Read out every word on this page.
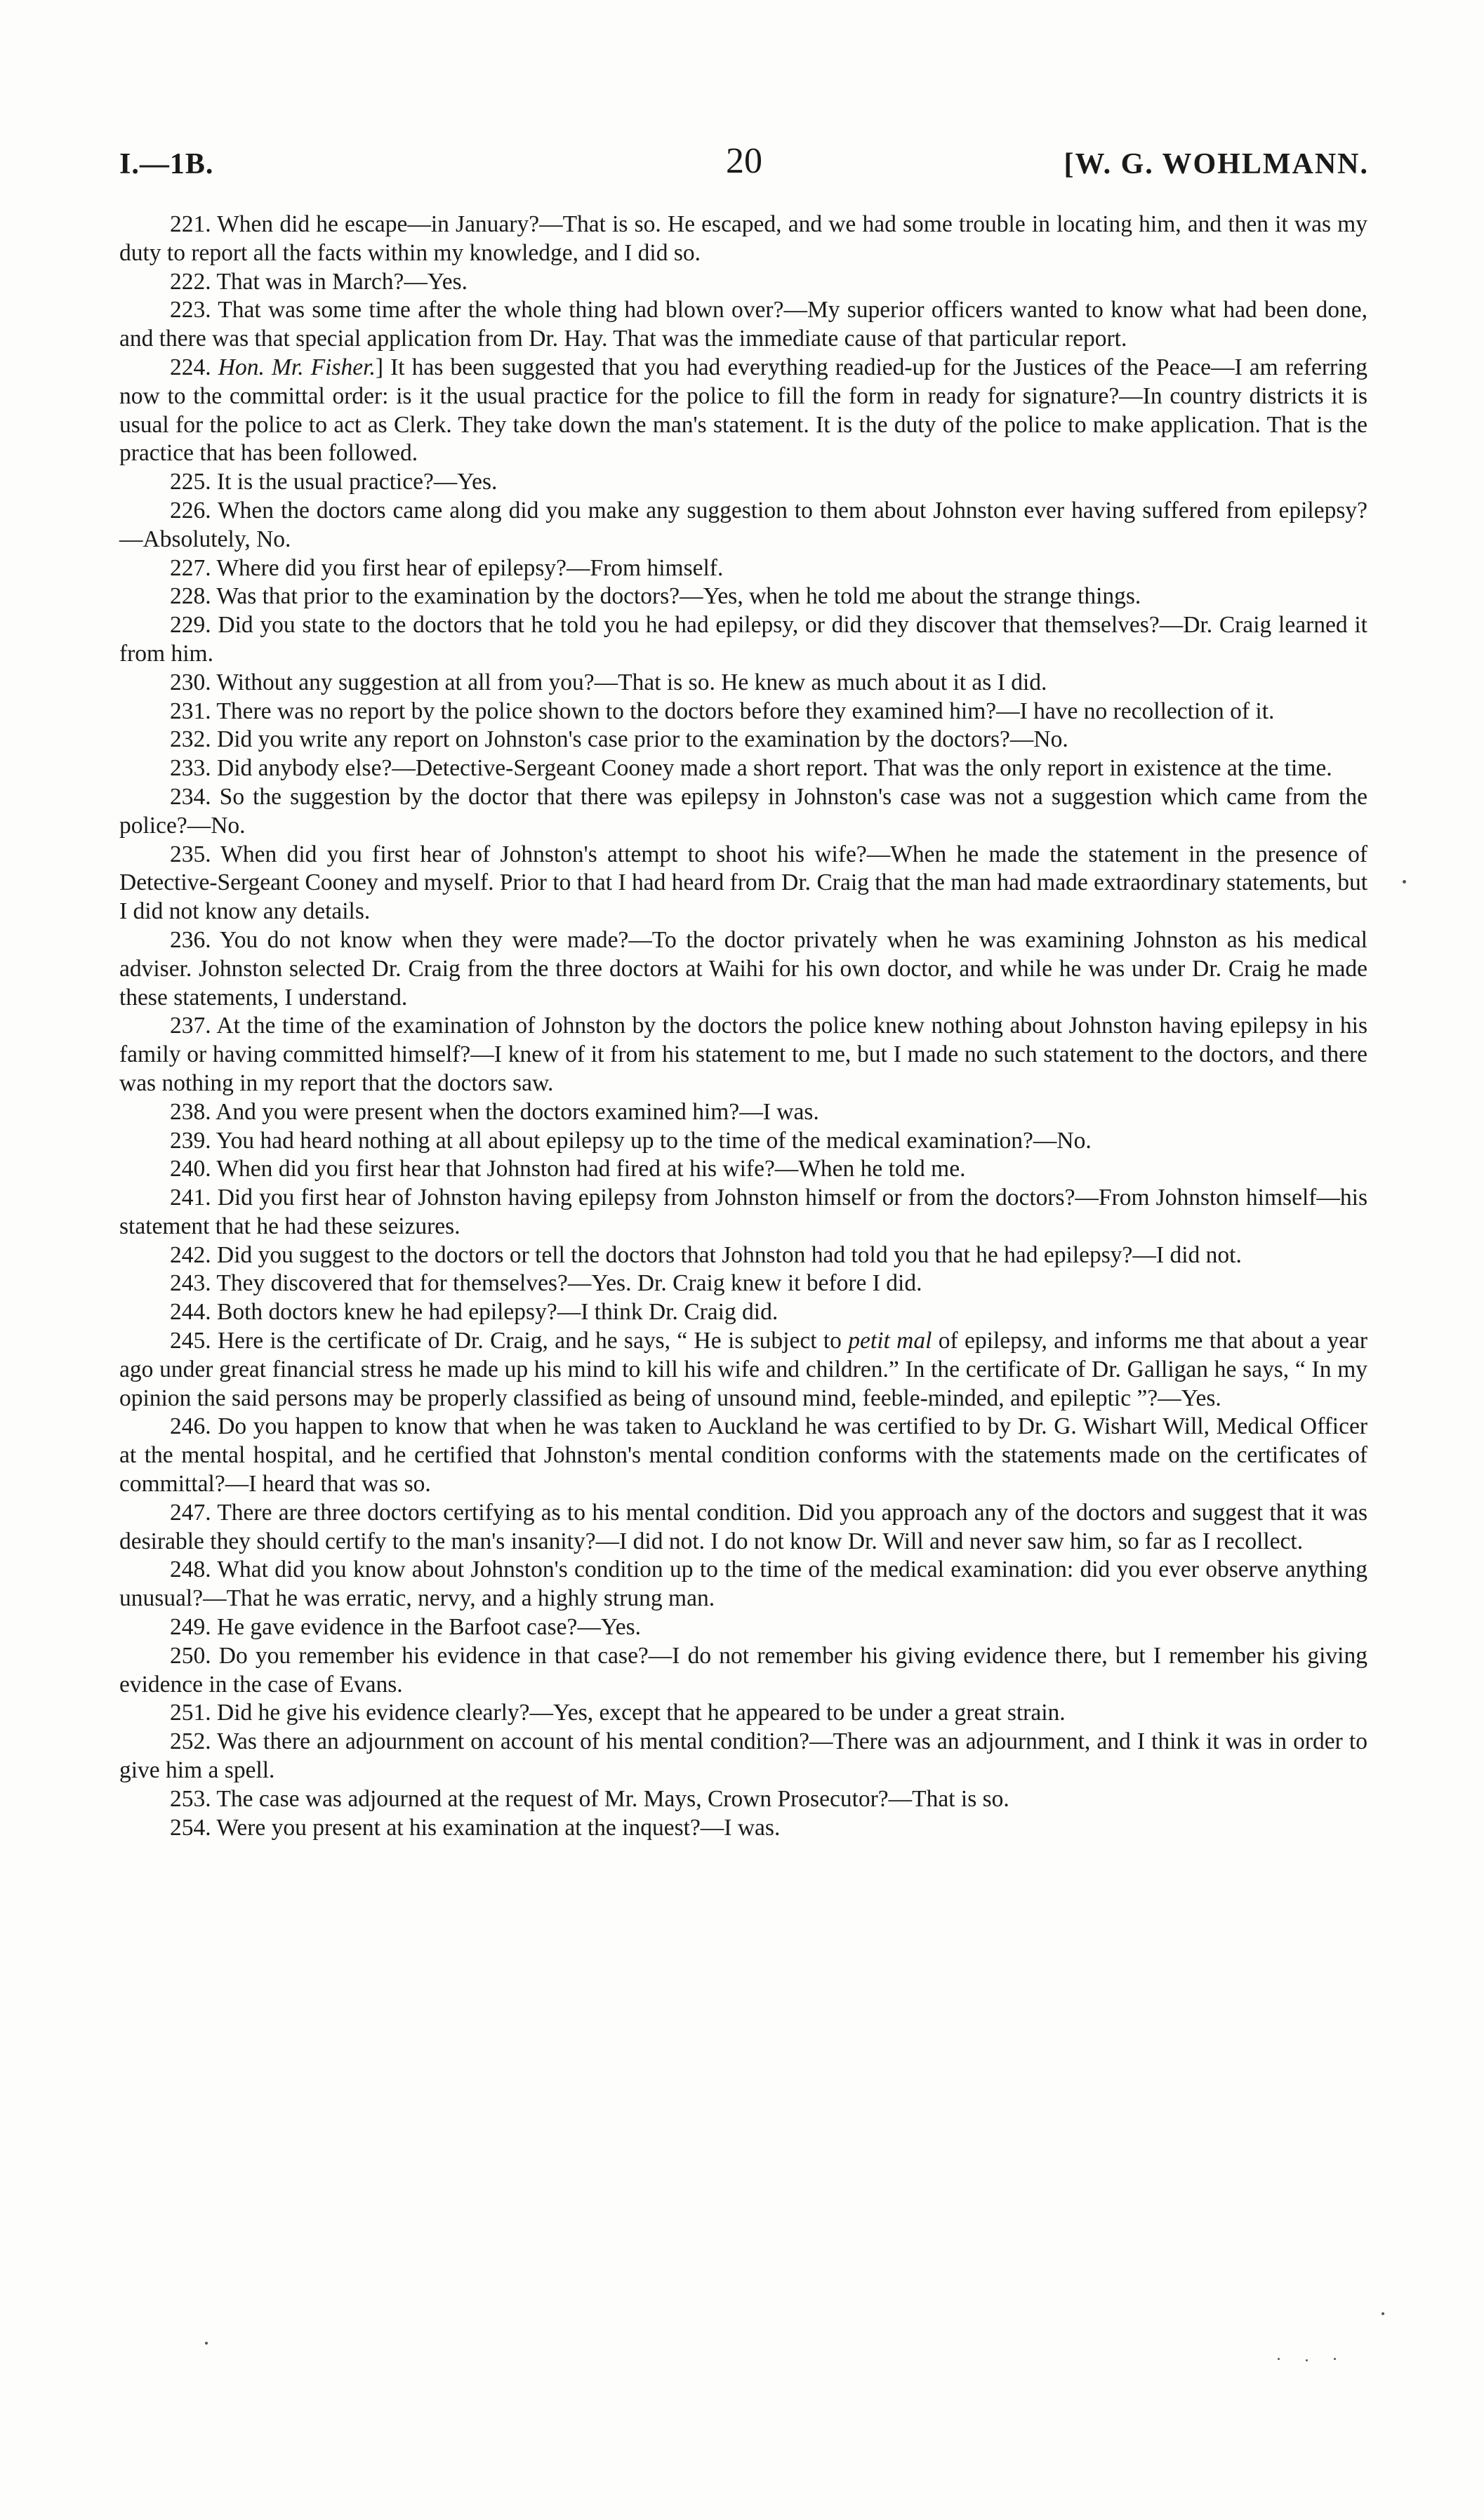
I.—1B.	20	[W. G. WOHLMANN.

221. When did he escape—in January?—That is so. He escaped, and we had some trouble in locating him, and then it was my duty to report all the facts within my knowledge, and I did so.

222. That was in March?—Yes.

223. That was some time after the whole thing had blown over?—My superior officers wanted to know what had been done, and there was that special application from Dr. Hay. That was the immediate cause of that particular report.

224. Hon. Mr. Fisher.] It has been suggested that you had everything readied-up for the Justices of the Peace—I am referring now to the committal order: is it the usual practice for the police to fill the form in ready for signature?—In country districts it is usual for the police to act as Clerk. They take down the man's statement. It is the duty of the police to make application. That is the practice that has been followed.

225. It is the usual practice?—Yes.

226. When the doctors came along did you make any suggestion to them about Johnston ever having suffered from epilepsy?—Absolutely, No.

227. Where did you first hear of epilepsy?—From himself.

228. Was that prior to the examination by the doctors?—Yes, when he told me about the strange things.

229. Did you state to the doctors that he told you he had epilepsy, or did they discover that themselves?—Dr. Craig learned it from him.

230. Without any suggestion at all from you?—That is so. He knew as much about it as I did.

231. There was no report by the police shown to the doctors before they examined him?—I have no recollection of it.

232. Did you write any report on Johnston's case prior to the examination by the doctors?—No.

233. Did anybody else?—Detective-Sergeant Cooney made a short report. That was the only report in existence at the time.

234. So the suggestion by the doctor that there was epilepsy in Johnston's case was not a suggestion which came from the police?—No.

235. When did you first hear of Johnston's attempt to shoot his wife?—When he made the statement in the presence of Detective-Sergeant Cooney and myself. Prior to that I had heard from Dr. Craig that the man had made extraordinary statements, but I did not know any details.

236. You do not know when they were made?—To the doctor privately when he was examining Johnston as his medical adviser. Johnston selected Dr. Craig from the three doctors at Waihi for his own doctor, and while he was under Dr. Craig he made these statements, I understand.

237. At the time of the examination of Johnston by the doctors the police knew nothing about Johnston having epilepsy in his family or having committed himself?—I knew of it from his statement to me, but I made no such statement to the doctors, and there was nothing in my report that the doctors saw.

238. And you were present when the doctors examined him?—I was.

239. You had heard nothing at all about epilepsy up to the time of the medical examination?—No.

240. When did you first hear that Johnston had fired at his wife?—When he told me.

241. Did you first hear of Johnston having epilepsy from Johnston himself or from the doctors?—From Johnston himself—his statement that he had these seizures.

242. Did you suggest to the doctors or tell the doctors that Johnston had told you that he had epilepsy?—I did not.

243. They discovered that for themselves?—Yes. Dr. Craig knew it before I did.

244. Both doctors knew he had epilepsy?—I think Dr. Craig did.

245. Here is the certificate of Dr. Craig, and he says, “ He is subject to petit mal of epilepsy, and informs me that about a year ago under great financial stress he made up his mind to kill his wife and children.” In the certificate of Dr. Galligan he says, “ In my opinion the said persons may be properly classified as being of unsound mind, feeble-minded, and epileptic ”?—Yes.

246. Do you happen to know that when he was taken to Auckland he was certified to by Dr. G. Wishart Will, Medical Officer at the mental hospital, and he certified that Johnston's mental condition conforms with the statements made on the certificates of committal?—I heard that was so.

247. There are three doctors certifying as to his mental condition. Did you approach any of the doctors and suggest that it was desirable they should certify to the man's insanity?—I did not. I do not know Dr. Will and never saw him, so far as I recollect.

248. What did you know about Johnston's condition up to the time of the medical examination: did you ever observe anything unusual?—That he was erratic, nervy, and a highly strung man.

249. He gave evidence in the Barfoot case?—Yes.

250. Do you remember his evidence in that case?—I do not remember his giving evidence there, but I remember his giving evidence in the case of Evans.

251. Did he give his evidence clearly?—Yes, except that he appeared to be under a great strain.

252. Was there an adjournment on account of his mental condition?—There was an adjournment, and I think it was in order to give him a spell.

253. The case was adjourned at the request of Mr. Mays, Crown Prosecutor?—That is so.

254. Were you present at his examination at the inquest?—I was.
